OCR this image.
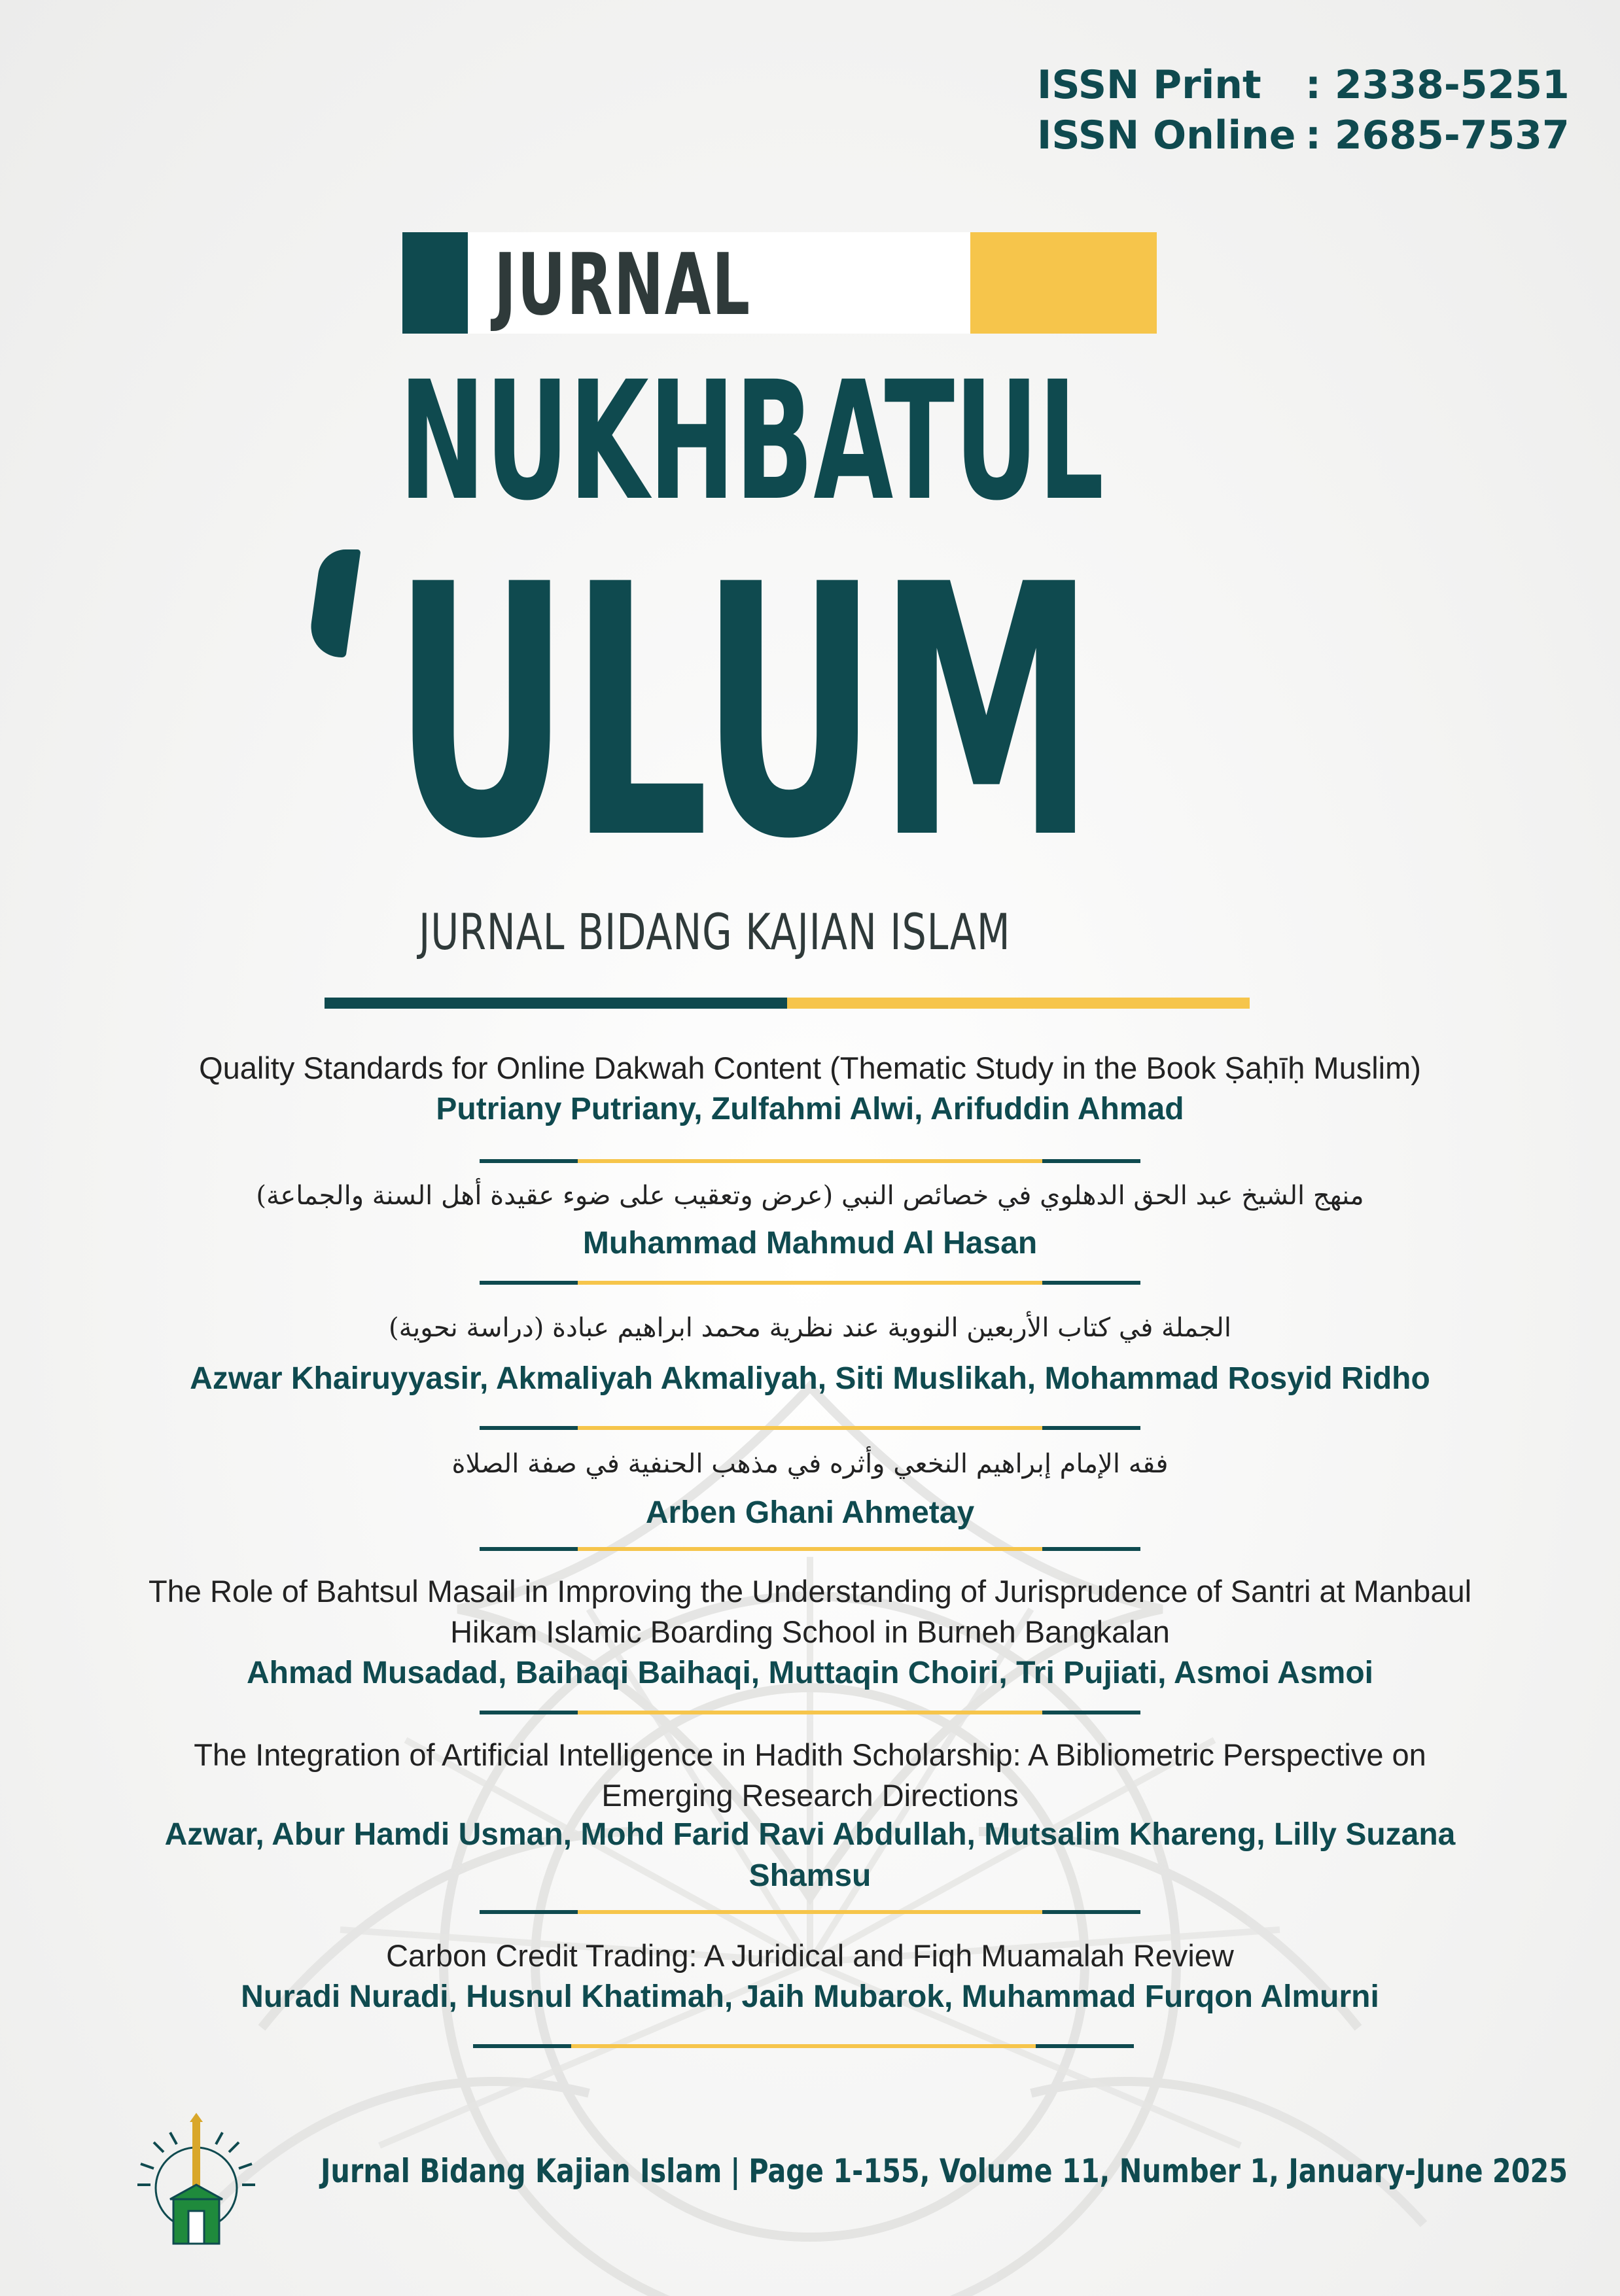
ISSN Print : 2338-5251
ISSN Online : 2685-7537
JURNAL
NUKHBATUL
ULUM
JURNAL BIDANG KAJIAN ISLAM
Quality Standards for Online Dakwah Content (Thematic Study in the Book Ṣaḥīḥ Muslim)
Putriany Putriany, Zulfahmi Alwi, Arifuddin Ahmad
منهج الشيخ عبد الحق الدهلوي في خصائص النبي (عرض وتعقيب على ضوء عقيدة أهل السنة والجماعة)
Muhammad Mahmud Al Hasan
الجملة في كتاب الأربعين النووية عند نظرية محمد ابراهيم عبادة (دراسة نحوية)
Azwar Khairuyyasir, Akmaliyah Akmaliyah, Siti Muslikah, Mohammad Rosyid Ridho
فقه الإمام إبراهيم النخعي وأثره في مذهب الحنفية في صفة الصلاة
Arben Ghani Ahmetay
The Role of Bahtsul Masail in Improving the Understanding of Jurisprudence of Santri at Manbaul
Hikam Islamic Boarding School in Burneh Bangkalan
Ahmad Musadad, Baihaqi Baihaqi, Muttaqin Choiri, Tri Pujiati, Asmoi Asmoi
The Integration of Artificial Intelligence in Hadith Scholarship: A Bibliometric Perspective on
Emerging Research Directions
Azwar, Abur Hamdi Usman, Mohd Farid Ravi Abdullah, Mutsalim Khareng, Lilly Suzana
Shamsu
Carbon Credit Trading: A Juridical and Fiqh Muamalah Review
Nuradi Nuradi, Husnul Khatimah, Jaih Mubarok, Muhammad Furqon Almurni
Jurnal Bidang Kajian Islam | Page 1-155, Volume 11, Number 1, January-June 2025
